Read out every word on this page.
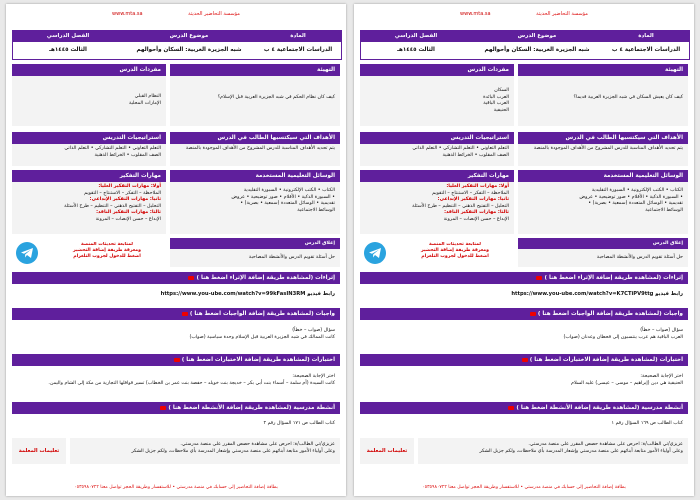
www.mta.sa	مؤسسة التحاضير الحديثة
المادة
موضوع الدرس
الفصل الدراسي
الدراسات الاجتماعية ٤ ب
شبه الجزيرة العربية: السكان وأحوالهم
الثالث ١٤٤٥هـ
التهيئة
كيف كان نظام الحكم في شبه الجزيرة العربية قبل الإسلام؟
مفردات الدرس
النظام القبلي
الإمارات المحلية
الأهداف التي سيكتسبها الطالب في الدرس
يتم تحديد الأهداف المناسبة للدرس المشروح من الأهداف الموجودة بالمنصة
استراتيجيات التدريس
التعلم التعاوني • التعلم التشاركي • التعلم الذاتي
الصف المقلوب • الخرائط الذهنية
الوسائل التعليمية المستخدمة
الكتاب • الكتب الإلكترونية • السبورة التقليدية
• السبورة الذكية • الأقلام • صور توضيحية • عروض
تقديمية • الوسائل المتعددة (سمعية • بصرية) •
الوسائط الاجتماعية
مهارات التفكير
أولا: مهارات التفكير العليا:
الملاحظة – التفكر – الاستنتاج – التقويم
ثانيا: مهارات التفكير الإبداعي:
التحليل – التفتيح الذهني – التنظيم – طرح الأسئلة
ثالثا: مهارات التفكير الناقد:
الإبداع – حسن الإنصات – المرونة
إغلاق الدرس
حل أسئلة تقويم الدرس والأنشطة المصاحبة
لمتابعة تحديثات المنصة
ومعرفة طريقة إضافة التحضير
اضغط للدخول لجروب التلغرام
إثراءات (لمشاهدة طريقة إضافة الإثراء اضغط هنا )
رابط فيديو https://www.you-ube.com/watch?v=99kFasIN3RM
واجبات (لمشاهدة طريقة إضافة الواجبات اضغط هنا )
سؤال (صواب – خطأ)
كانت الممالك في شبه الجزيرة العربية قبل الإسلام وحدة سياسية (صواب)
اختبارات (لمشاهدة طريقة إضافة الاختبارات اضغط هنا )
اختر الإجابة الصحيحة:
كانت السيدة (أم سلمة – أسماء بنت أبي بكر – خديجة بنت خويلد – حفصة بنت عمر بن الخطاب) تسير قوافلها التجارية من مكة إلى الشام واليمن.
أنشطة مدرسية (لمشاهدة طريقة إضافة الأنشطة اضغط هنا )
كتاب الطالب ص ١٧١ السؤال رقم ٢
عزيزي/تي الطالب/ة: احرص على مشاهدة حصص المقرر على منصة مدرستي.
وعلى أولياء الأمور متابعة أبنائهم على منصة مدرستي وإشعار المدرسة بأي ملاحظات، ولكم جزيل الشكر
تعليمات المعلمة
بطاقة إضافة التحاضير إلى حسابك في منصة مدرستي • للاستفسار وطريقة الحجز تواصل معنا ٠٥٣٥٩٨٠٧٢٢
www.mta.sa	مؤسسة التحاضير الحديثة
المادة
موضوع الدرس
الفصل الدراسي
الدراسات الاجتماعية ٤ ب
شبه الجزيرة العربية: السكان وأحوالهم
الثالث ١٤٤٥هـ
التهيئة
كيف كان يعيش السكان في شبه الجزيرة العربية قديما؟
مفردات الدرس
السكان
العرب البائدة
العرب الباقية
الحنيفية
الأهداف التي سيكتسبها الطالب في الدرس
يتم تحديد الأهداف المناسبة للدرس المشروح من الأهداف الموجودة بالمنصة
استراتيجيات التدريس
التعلم التعاوني • التعلم التشاركي • التعلم الذاتي
الصف المقلوب • الخرائط الذهنية
الوسائل التعليمية المستخدمة
الكتاب • الكتب الإلكترونية • السبورة التقليدية
• السبورة الذكية • الأقلام • صور توضيحية • عروض
تقديمية • الوسائل المتعددة (سمعية • بصرية) •
الوسائط الاجتماعية
مهارات التفكير
أولا: مهارات التفكير العليا:
الملاحظة – التفكر – الاستنتاج – التقويم
ثانيا: مهارات التفكير الإبداعي:
التحليل – التفتيح الذهني – التنظيم – طرح الأسئلة
ثالثا: مهارات التفكير الناقد:
الإبداع – حسن الإنصات – المرونة
إغلاق الدرس
حل أسئلة تقويم الدرس والأنشطة المصاحبة
لمتابعة تحديثات المنصة
ومعرفة طريقة إضافة التحضير
اضغط للدخول لجروب التلغرام
إثراءات (لمشاهدة طريقة إضافة الإثراء اضغط هنا )
رابط فيديو https://www.you-ube.com/watch?v=K7CTiPV9ttg
واجبات (لمشاهدة طريقة إضافة الواجبات اضغط هنا )
سؤال (صواب – خطأ)
العرب الباقية هم عرب ينتسبون إلى قحطان وعدنان (صواب)
اختبارات (لمشاهدة طريقة إضافة الاختبارات اضغط هنا )
اختر الإجابة الصحيحة:
الحنيفية هي دين (إبراهيم – موسى – عيسى) عليه السلام
أنشطة مدرسية (لمشاهدة طريقة إضافة الأنشطة اضغط هنا )
كتاب الطالب ص ١٦٩ السؤال رقم ١
عزيزي/تي الطالب/ة: احرص على مشاهدة حصص المقرر على منصة مدرستي.
وعلى أولياء الأمور متابعة أبنائهم على منصة مدرستي وإشعار المدرسة بأي ملاحظات، ولكم جزيل الشكر
تعليمات المعلمة
بطاقة إضافة التحاضير إلى حسابك في منصة مدرستي • للاستفسار وطريقة الحجز تواصل معنا ٠٥٣٥٩٨٠٧٢٢
